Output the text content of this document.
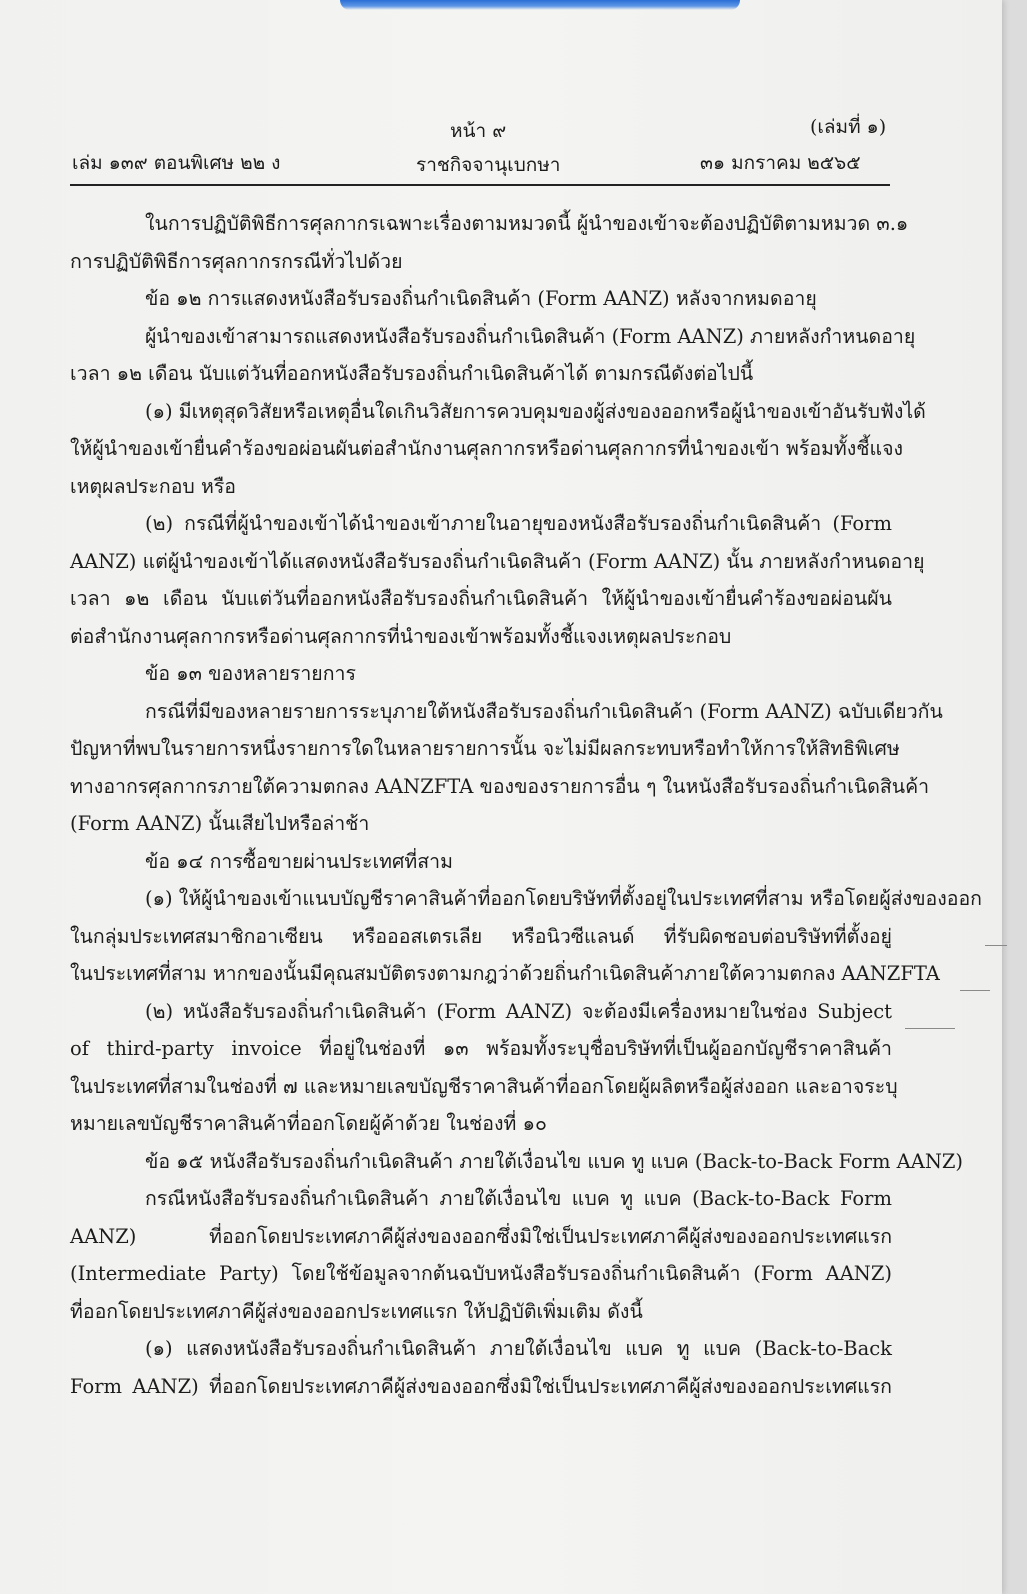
หน้า ๙	(เล่มที่ ๑)
เล่ม ๑๓๙ ตอนพิเศษ ๒๒ ง	ราชกิจจานุเบกษา	๓๑ มกราคม ๒๕๖๕
ในการปฏิบัติพิธีการศุลกากรเฉพาะเรื่องตามหมวดนี้ ผู้นำของเข้าจะต้องปฏิบัติตามหมวด ๓.๑
การปฏิบัติพิธีการศุลกากรกรณีทั่วไปด้วย
ข้อ ๑๒ การแสดงหนังสือรับรองถิ่นกำเนิดสินค้า (Form AANZ) หลังจากหมดอายุ
ผู้นำของเข้าสามารถแสดงหนังสือรับรองถิ่นกำเนิดสินค้า (Form AANZ) ภายหลังกำหนดอายุ
เวลา ๑๒ เดือน นับแต่วันที่ออกหนังสือรับรองถิ่นกำเนิดสินค้าได้ ตามกรณีดังต่อไปนี้
(๑) มีเหตุสุดวิสัยหรือเหตุอื่นใดเกินวิสัยการควบคุมของผู้ส่งของออกหรือผู้นำของเข้าอันรับฟังได้
ให้ผู้นำของเข้ายื่นคำร้องขอผ่อนผันต่อสำนักงานศุลกากรหรือด่านศุลกากรที่นำของเข้า พร้อมทั้งชี้แจง
เหตุผลประกอบ หรือ
(๒) กรณีที่ผู้นำของเข้าได้นำของเข้าภายในอายุของหนังสือรับรองถิ่นกำเนิดสินค้า (Form
AANZ) แต่ผู้นำของเข้าได้แสดงหนังสือรับรองถิ่นกำเนิดสินค้า (Form AANZ) นั้น ภายหลังกำหนดอายุ
เวลา ๑๒ เดือน นับแต่วันที่ออกหนังสือรับรองถิ่นกำเนิดสินค้า ให้ผู้นำของเข้ายื่นคำร้องขอผ่อนผัน
ต่อสำนักงานศุลกากรหรือด่านศุลกากรที่นำของเข้าพร้อมทั้งชี้แจงเหตุผลประกอบ
ข้อ ๑๓ ของหลายรายการ
กรณีที่มีของหลายรายการระบุภายใต้หนังสือรับรองถิ่นกำเนิดสินค้า (Form AANZ) ฉบับเดียวกัน
ปัญหาที่พบในรายการหนึ่งรายการใดในหลายรายการนั้น จะไม่มีผลกระทบหรือทำให้การให้สิทธิพิเศษ
ทางอากรศุลกากรภายใต้ความตกลง AANZFTA ของของรายการอื่น ๆ ในหนังสือรับรองถิ่นกำเนิดสินค้า
(Form AANZ) นั้นเสียไปหรือล่าช้า
ข้อ ๑๔ การซื้อขายผ่านประเทศที่สาม
(๑) ให้ผู้นำของเข้าแนบบัญชีราคาสินค้าที่ออกโดยบริษัทที่ตั้งอยู่ในประเทศที่สาม หรือโดยผู้ส่งของออก
ในกลุ่มประเทศสมาชิกอาเซียน หรือออสเตรเลีย หรือนิวซีแลนด์ ที่รับผิดชอบต่อบริษัทที่ตั้งอยู่
ในประเทศที่สาม หากของนั้นมีคุณสมบัติตรงตามกฎว่าด้วยถิ่นกำเนิดสินค้าภายใต้ความตกลง AANZFTA
(๒) หนังสือรับรองถิ่นกำเนิดสินค้า (Form AANZ) จะต้องมีเครื่องหมายในช่อง Subject
of third-party invoice ที่อยู่ในช่องที่ ๑๓ พร้อมทั้งระบุชื่อบริษัทที่เป็นผู้ออกบัญชีราคาสินค้า
ในประเทศที่สามในช่องที่ ๗ และหมายเลขบัญชีราคาสินค้าที่ออกโดยผู้ผลิตหรือผู้ส่งออก และอาจระบุ
หมายเลขบัญชีราคาสินค้าที่ออกโดยผู้ค้าด้วย ในช่องที่ ๑๐
ข้อ ๑๕ หนังสือรับรองถิ่นกำเนิดสินค้า ภายใต้เงื่อนไข แบค ทู แบค (Back-to-Back Form AANZ)
กรณีหนังสือรับรองถิ่นกำเนิดสินค้า ภายใต้เงื่อนไข แบค ทู แบค (Back-to-Back Form
AANZ) ที่ออกโดยประเทศภาคีผู้ส่งของออกซึ่งมิใช่เป็นประเทศภาคีผู้ส่งของออกประเทศแรก
(Intermediate Party) โดยใช้ข้อมูลจากต้นฉบับหนังสือรับรองถิ่นกำเนิดสินค้า (Form AANZ)
ที่ออกโดยประเทศภาคีผู้ส่งของออกประเทศแรก ให้ปฏิบัติเพิ่มเติม ดังนี้
(๑) แสดงหนังสือรับรองถิ่นกำเนิดสินค้า ภายใต้เงื่อนไข แบค ทู แบค (Back-to-Back
Form AANZ) ที่ออกโดยประเทศภาคีผู้ส่งของออกซึ่งมิใช่เป็นประเทศภาคีผู้ส่งของออกประเทศแรก
